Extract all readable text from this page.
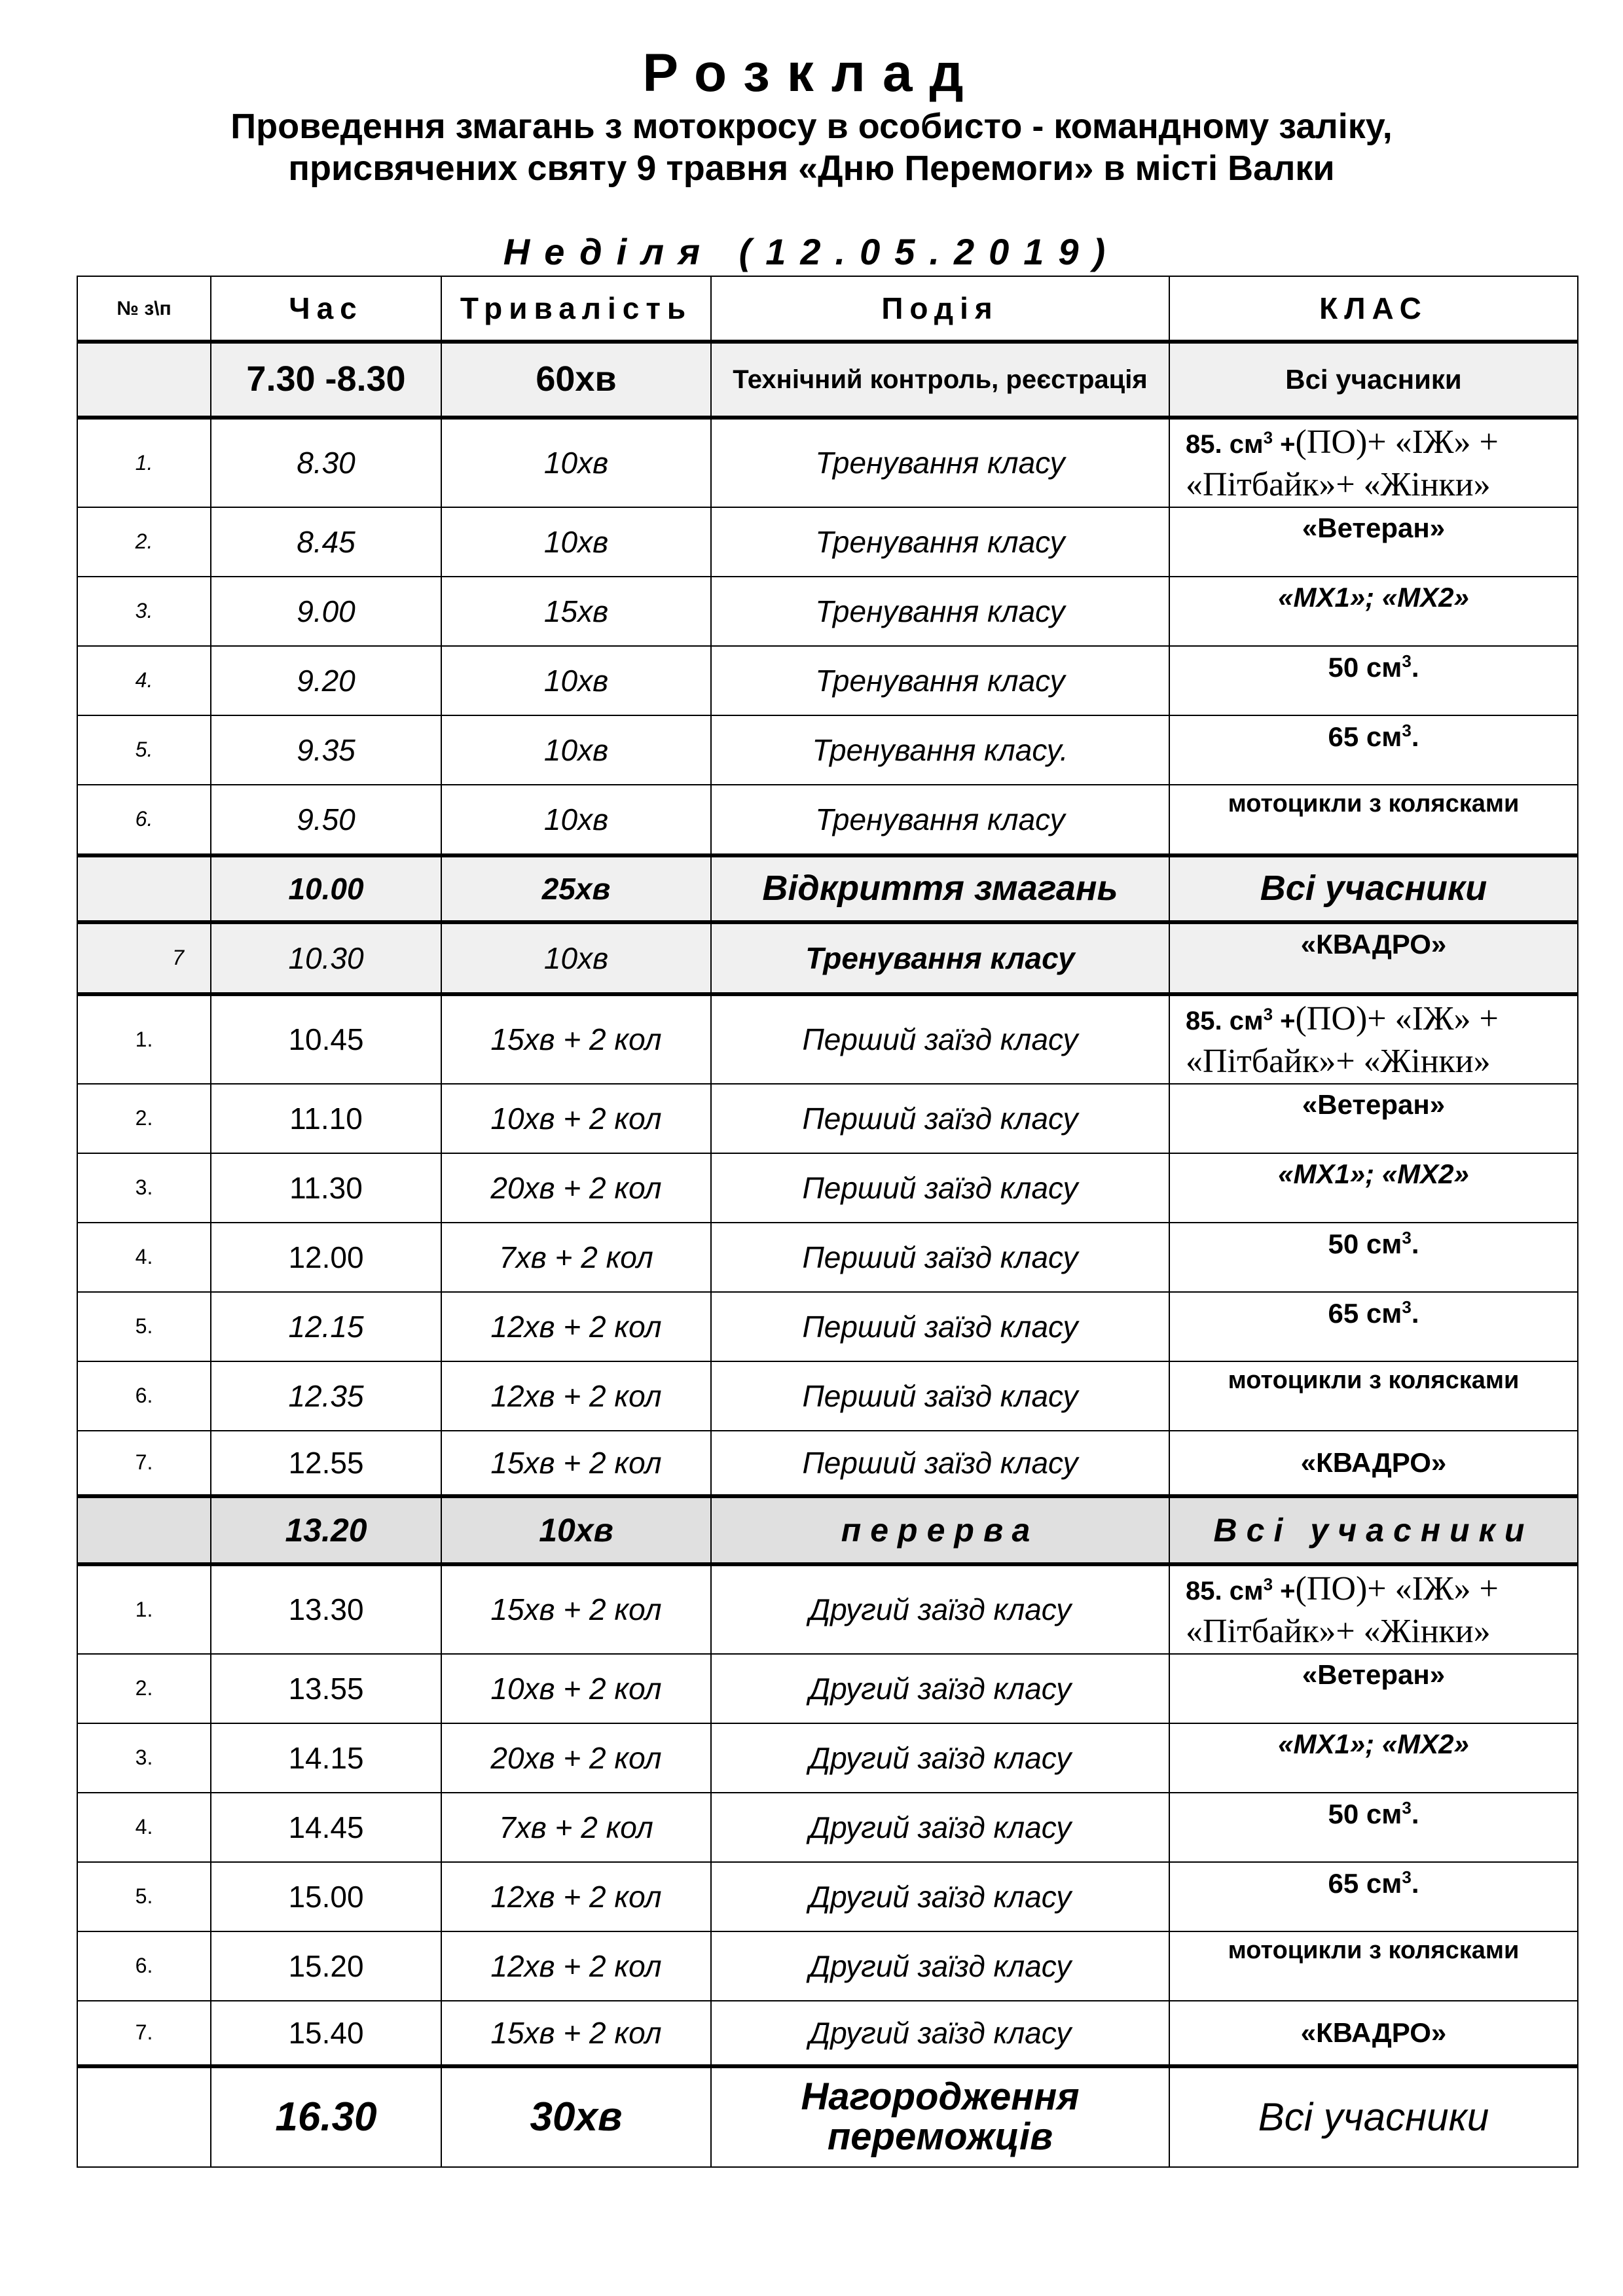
Розклад
Проведення змагань з мотокросу в особисто - командному заліку,
присвячених святу 9 травня «Дню Перемоги» в місті Валки
Неділя (12.05.2019)
№ з\п	Час	Тривалість	Подія	КЛАС
	7.30 -8.30	60хв	Технічний контроль, реєстрація	Всі учасники
1.	8.30	10хв	Тренування класу	85. $см^3 +(ПО)+$ «ІЖ» +
«Пітбайк»+ «Жінки»
2.	8.45	10хв	Тренування класу	«Ветеран»
3.	9.00	15хв	Тренування класу	«МХ1»; «МХ2»
4.	9.20	10хв	Тренування класу	50 $см^3$.
5.	9.35	10хв	Тренування класу.	65 $см^3$.
6.	9.50	10хв	Тренування класу	мотоцикли з колясками
	10.00	25хв	Відкриття змагань	Всі учасники
7	10.30	10хв	Тренування класу	«КВАДРО»
1.	10.45	15хв + 2 кол	Перший заїзд класу	85. $см^3 +(ПО)+$ «ІЖ» +
«Пітбайк»+ «Жінки»
2.	11.10	10хв + 2 кол	Перший заїзд класу	«Ветеран»
3.	11.30	20хв + 2 кол	Перший заїзд класу	«МХ1»; «МХ2»
4.	12.00	7хв + 2 кол	Перший заїзд класу	50 $см^3$.
5.	12.15	12хв + 2 кол	Перший заїзд класу	65 $см^3$.
6.	12.35	12хв + 2 кол	Перший заїзд класу	мотоцикли з колясками
7.	12.55	15хв + 2 кол	Перший заїзд класу	«КВАДРО»
	13.20	10хв	перерва	Всі учасники
1.	13.30	15хв + 2 кол	Другий заїзд класу	85. $см^3 +(ПО)+$ «ІЖ» +
«Пітбайк»+ «Жінки»
2.	13.55	10хв + 2 кол	Другий заїзд класу	«Ветеран»
3.	14.15	20хв + 2 кол	Другий заїзд класу	«МХ1»; «МХ2»
4.	14.45	7хв + 2 кол	Другий заїзд класу	50 $см^3$.
5.	15.00	12хв + 2 кол	Другий заїзд класу	65 $см^3$.
6.	15.20	12хв + 2 кол	Другий заїзд класу	мотоцикли з колясками
7.	15.40	15хв + 2 кол	Другий заїзд класу	«КВАДРО»
	16.30	30хв	Нагородження переможців	Всі учасники
